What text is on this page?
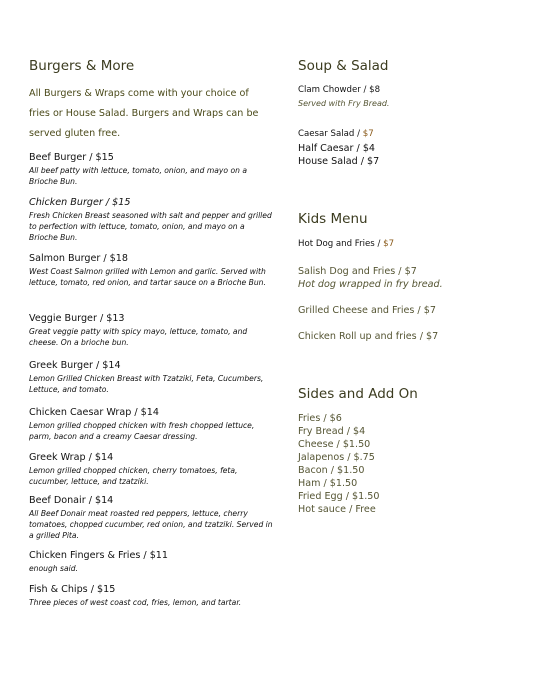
Burgers & More
All Burgers & Wraps come with your choice of fries or House Salad. Burgers and Wraps can be served gluten free.
Beef Burger / $15
All beef patty with lettuce, tomato, onion, and mayo on a Brioche Bun.
Chicken Burger / $15
Fresh Chicken Breast seasoned with salt and pepper and grilled to perfection with lettuce, tomato, onion, and mayo on a Brioche Bun.
Salmon Burger / $18
West Coast Salmon grilled with Lemon and garlic. Served with lettuce, tomato, red onion, and tartar sauce on a Brioche Bun.
Veggie Burger / $13
Great veggie patty with spicy mayo, lettuce, tomato, and cheese. On a brioche bun.
Greek Burger / $14
Lemon Grilled Chicken Breast with Tzatziki, Feta, Cucumbers, Lettuce, and tomato.
Chicken Caesar Wrap / $14
Lemon grilled chopped chicken with fresh chopped lettuce, parm, bacon and a creamy Caesar dressing.
Greek Wrap / $14
Lemon grilled chopped chicken, cherry tomatoes, feta, cucumber, lettuce, and tzatziki.
Beef Donair / $14
All Beef Donair meat roasted red peppers, lettuce, cherry tomatoes, chopped cucumber, red onion, and tzatziki. Served in a grilled Pita.
Chicken Fingers & Fries / $11
enough said.
Fish & Chips / $15
Three pieces of west coast cod, fries, lemon, and tartar.
Soup & Salad
Clam Chowder / $8
Served with Fry Bread.
Caesar Salad / $7
Half Caesar / $4
House Salad / $7
Kids Menu
Hot Dog and Fries / $7
Salish Dog and Fries / $7
Hot dog wrapped in fry bread.
Grilled Cheese and Fries / $7
Chicken Roll up and fries / $7
Sides and Add On
Fries / $6
Fry Bread / $4
Cheese / $1.50
Jalapenos / $.75
Bacon / $1.50
Ham / $1.50
Fried Egg / $1.50
Hot sauce / Free
